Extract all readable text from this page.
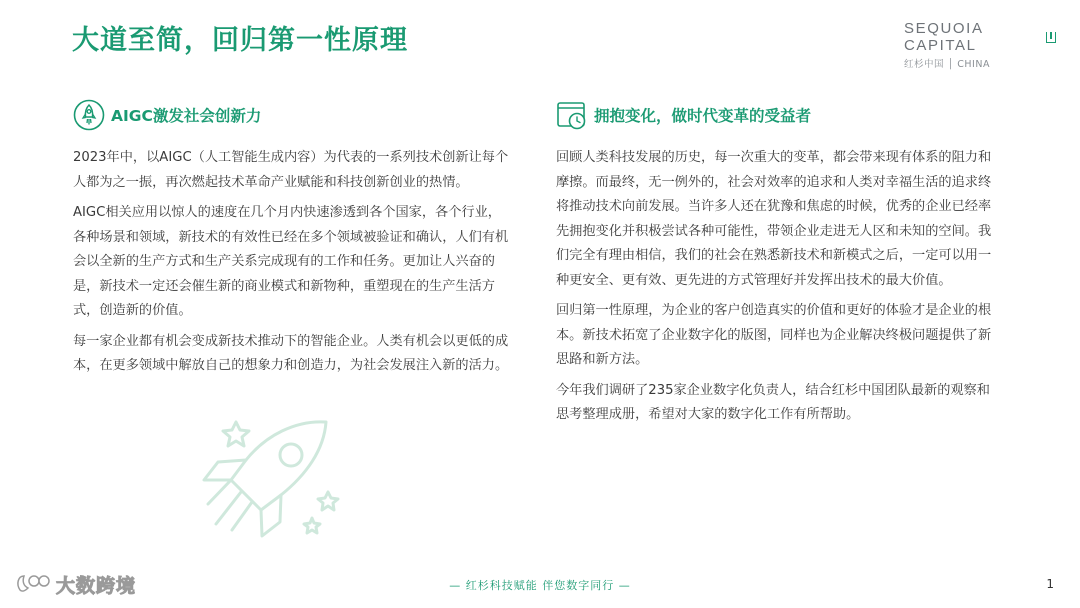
大道至简，回归第一性原理	SEQUOIA CAPITAL
红杉中国 │ CHINA
AIGC激发社会创新力

2023年中，以AIGC（人工智能生成内容）为代表的一系列技术创新让每个人都为之一振，再次燃起技术革命产业赋能和科技创新创业的热情。

AIGC相关应用以惊人的速度在几个月内快速渗透到各个国家，各个行业，各种场景和领域，新技术的有效性已经在多个领域被验证和确认，人们有机会以全新的生产方式和生产关系完成现有的工作和任务。更加让人兴奋的是，新技术一定还会催生新的商业模式和新物种，重塑现在的生产生活方式，创造新的价值。

每一家企业都有机会变成新技术推动下的智能企业。人类有机会以更低的成本，在更多领域中解放自己的想象力和创造力，为社会发展注入新的活力。

拥抱变化，做时代变革的受益者

回顾人类科技发展的历史，每一次重大的变革，都会带来现有体系的阻力和摩擦。而最终，无一例外的，社会对效率的追求和人类对幸福生活的追求终将推动技术向前发展。当许多人还在犹豫和焦虑的时候，优秀的企业已经率先拥抱变化并积极尝试各种可能性，带领企业走进无人区和未知的空间。我们完全有理由相信，我们的社会在熟悉新技术和新模式之后，一定可以用一种更安全、更有效、更先进的方式管理好并发挥出技术的最大价值。

回归第一性原理，为企业的客户创造真实的价值和更好的体验才是企业的根本。新技术拓宽了企业数字化的版图，同样也为企业解决终极问题提供了新思路和新方法。

今年我们调研了235家企业数字化负责人，结合红杉中国团队最新的观察和思考整理成册，希望对大家的数字化工作有所帮助。

大数跨境	— 红杉科技赋能 伴您数字同行 —	1
